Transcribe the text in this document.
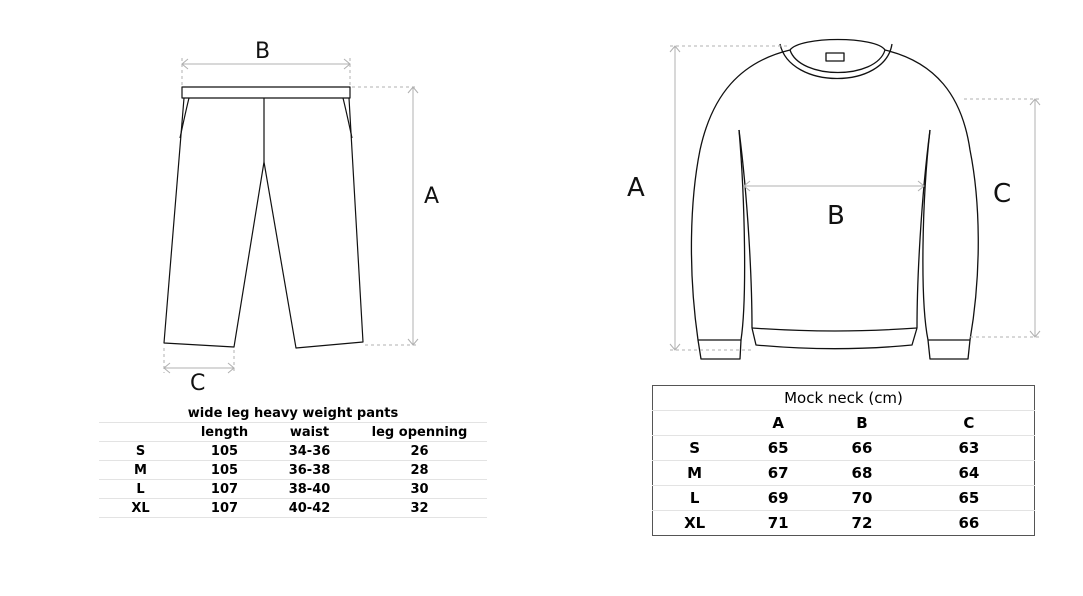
B
A
C
A
B
C
wide leg heavy weight pants			
	length	waist	leg openning
S	105	34-36	26
M	105	36-38	28
L	107	38-40	30
XL	107	40-42	32
Mock neck (cm)			
	A	B	C
S	65	66	63
M	67	68	64
L	69	70	65
XL	71	72	66
